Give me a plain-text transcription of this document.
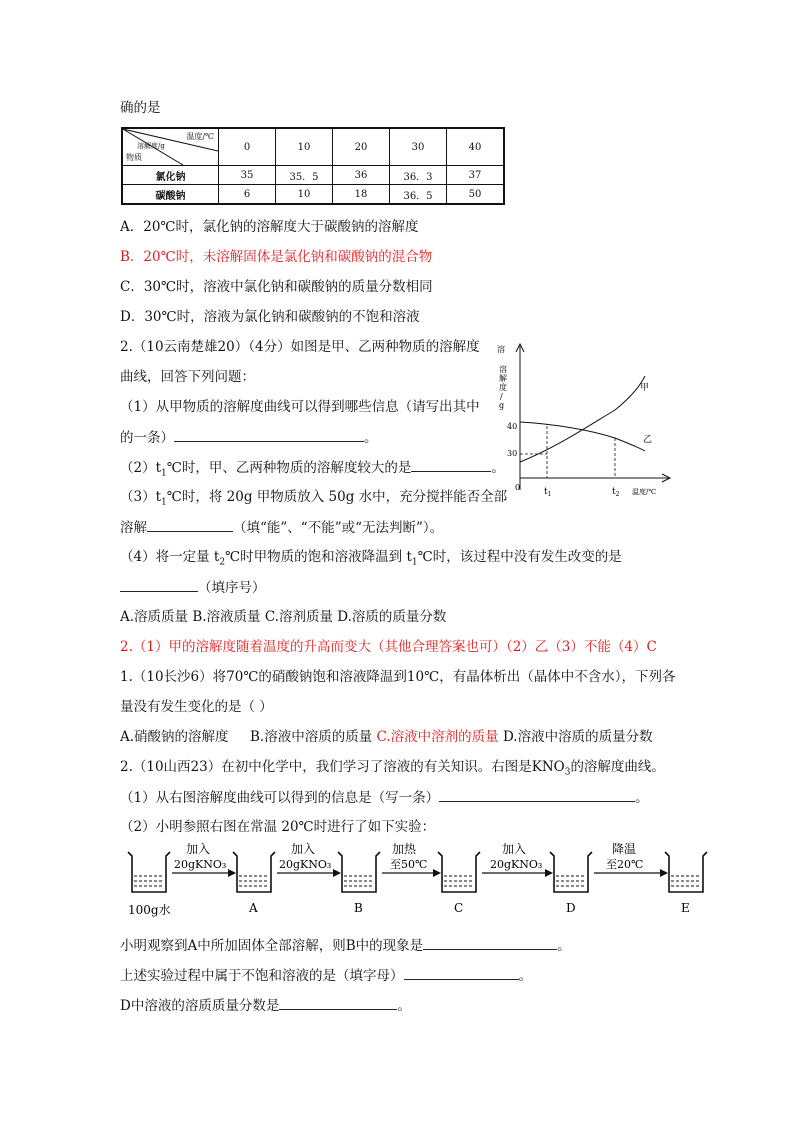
确的是
温度/℃
溶解度/g
物质	0	10	20	30	40
氯化钠	35	35．5	36	36．3	37
碳酸钠	6	10	18	36．5	50
A．20℃时，氯化钠的溶解度大于碳酸钠的溶解度
B．20℃时，未溶解固体是氯化钠和碳酸钠的混合物
C．30℃时，溶液中氯化钠和碳酸钠的质量分数相同
D．30℃时，溶液为氯化钠和碳酸钠的不饱和溶液
2.（10云南楚雄20）（4分）如图是甲、乙两种物质的溶解度
曲线，回答下列问题：
（1）从甲物质的溶解度曲线可以得到哪些信息（请写出其中
的一条）	。
$(2)t_1℃$时，甲、乙两种物质的溶解度较大的是	。
$(3)t_1℃$时，将 20g 甲物质放入 50g 水中，充分搅拌能否全部
溶解	（填“能”、“不能”或“无法判断”）。
（4）将一定量 $t_2℃$时甲物质的饱和溶液降温到 $t_1℃$时，该过程中没有发生改变的是
（填序号）
A.溶质质量 B.溶液质量 C.溶剂质量 D.溶质的质量分数
2.（1）甲的溶解度随着温度的升高而变大（其他合理答案也可）（2）乙（3）不能（4）C
溶
溶
解
度
/
g
40
30
0
甲
乙
$t_1$	$t_2$ 温度/℃
1.（10长沙6）将70℃的硝酸钠饱和溶液降温到10℃，有晶体析出（晶体中不含水），下列各
量没有发生变化的是（ ）
A.硝酸钠的溶解度 B.溶液中溶质的质量 C.溶液中溶剂的质量 D.溶液中溶质的质量分数
2.（10山西23）在初中化学中，我们学习了溶液的有关知识。右图是$KNO_3$的溶解度曲线。
（1）从右图溶解度曲线可以得到的信息是（写一条）	。
（2）小明参照右图在常温 20℃时进行了如下实验：
加入
20gKNO₃
加入
20gKNO₃
加热
至50℃
加入
20gKNO₃
降温
至20℃
100g水	A	B	C	D	E
小明观察到A中所加固体全部溶解，则B中的现象是	。
上述实验过程中属于不饱和溶液的是（填字母）	。
D中溶液的溶质质量分数是	。
